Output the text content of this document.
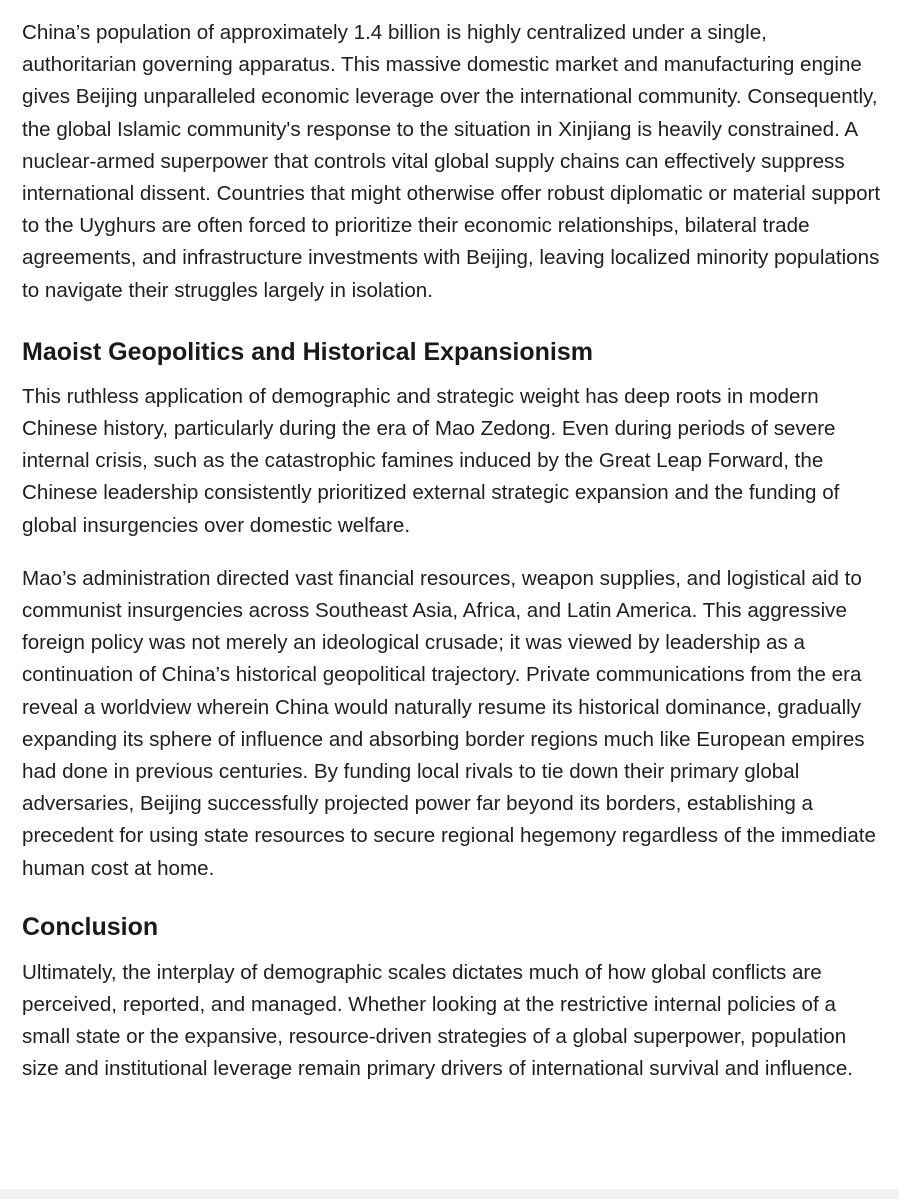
China’s population of approximately 1.4 billion is highly centralized under a single, authoritarian governing apparatus. This massive domestic market and manufacturing engine gives Beijing unparalleled economic leverage over the international community. Consequently, the global Islamic community's response to the situation in Xinjiang is heavily constrained. A nuclear-armed superpower that controls vital global supply chains can effectively suppress international dissent. Countries that might otherwise offer robust diplomatic or material support to the Uyghurs are often forced to prioritize their economic relationships, bilateral trade agreements, and infrastructure investments with Beijing, leaving localized minority populations to navigate their struggles largely in isolation.

Maoist Geopolitics and Historical Expansionism

This ruthless application of demographic and strategic weight has deep roots in modern Chinese history, particularly during the era of Mao Zedong. Even during periods of severe internal crisis, such as the catastrophic famines induced by the Great Leap Forward, the Chinese leadership consistently prioritized external strategic expansion and the funding of global insurgencies over domestic welfare.

Mao’s administration directed vast financial resources, weapon supplies, and logistical aid to communist insurgencies across Southeast Asia, Africa, and Latin America. This aggressive foreign policy was not merely an ideological crusade; it was viewed by leadership as a continuation of China’s historical geopolitical trajectory. Private communications from the era reveal a worldview wherein China would naturally resume its historical dominance, gradually expanding its sphere of influence and absorbing border regions much like European empires had done in previous centuries. By funding local rivals to tie down their primary global adversaries, Beijing successfully projected power far beyond its borders, establishing a precedent for using state resources to secure regional hegemony regardless of the immediate human cost at home.

Conclusion

Ultimately, the interplay of demographic scales dictates much of how global conflicts are perceived, reported, and managed. Whether looking at the restrictive internal policies of a small state or the expansive, resource-driven strategies of a global superpower, population size and institutional leverage remain primary drivers of international survival and influence.
